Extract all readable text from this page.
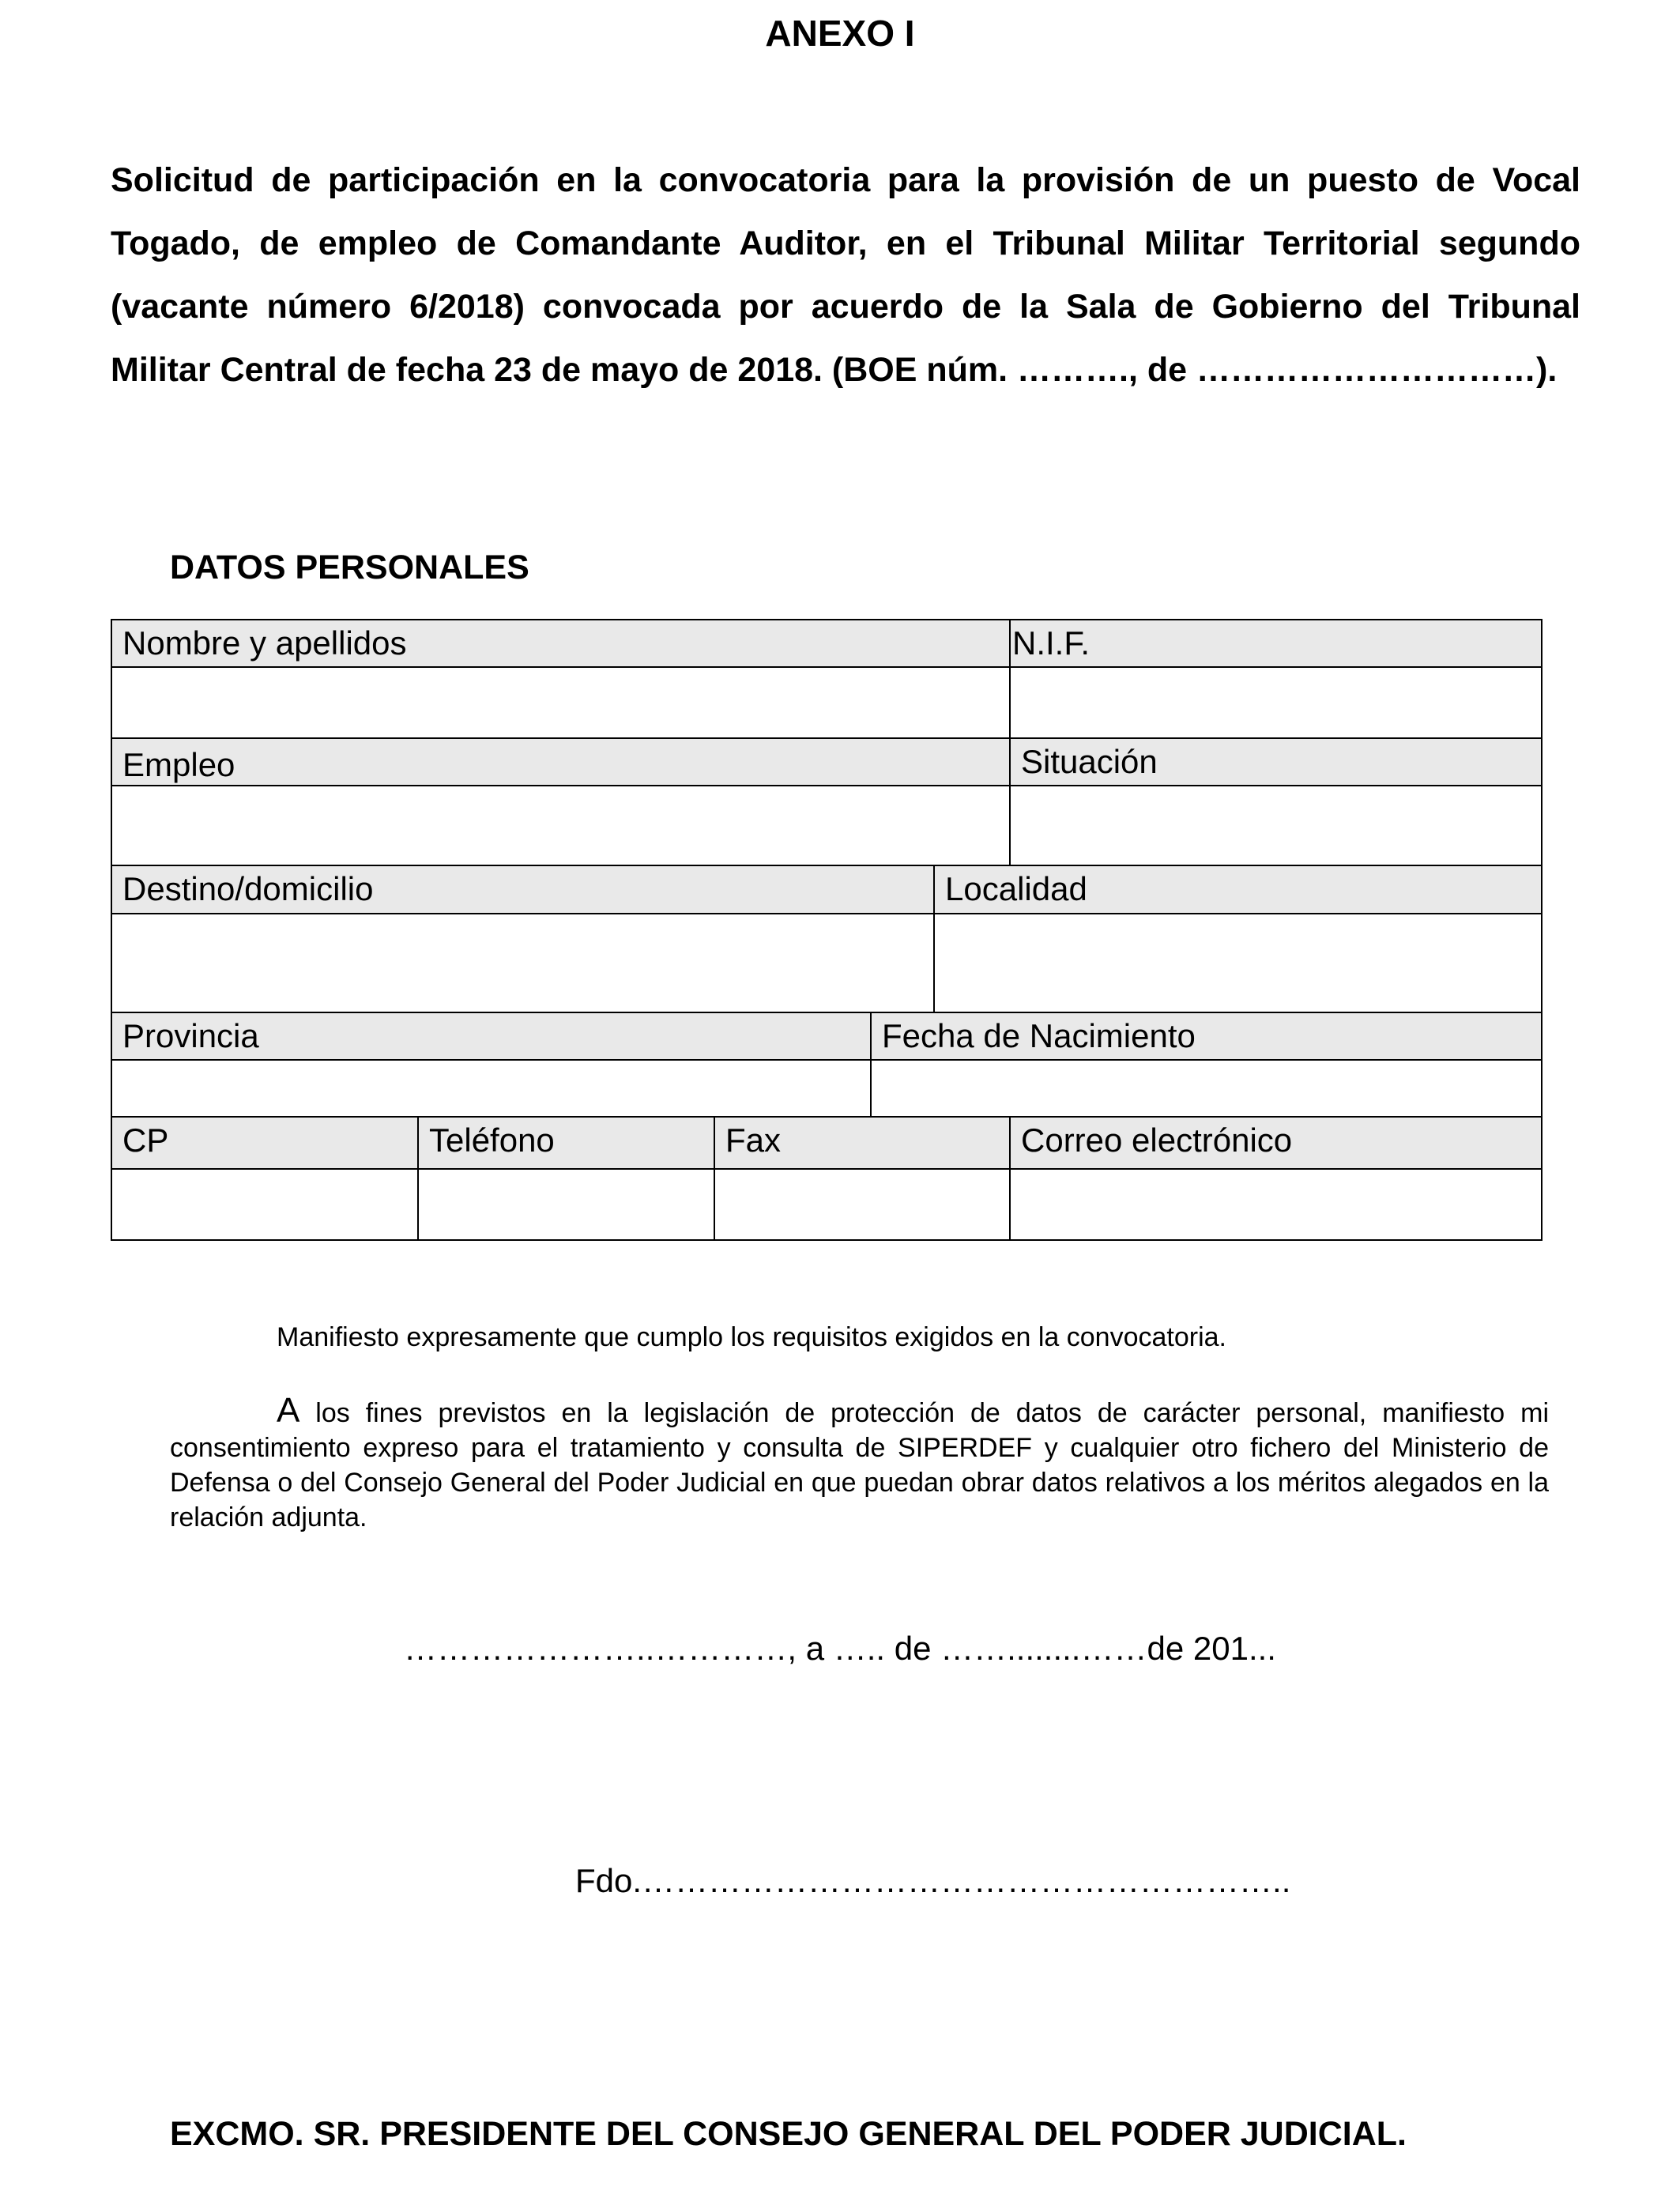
ANEXO I
Solicitud de participación en la convocatoria para la provisión de un puesto de Vocal Togado, de empleo de Comandante Auditor, en el Tribunal Militar Territorial segundo (vacante número 6/2018) convocada por acuerdo de la Sala de Gobierno del Tribunal Militar Central de fecha 23 de mayo de 2018. (BOE núm. ………., de …………………………).
DATOS PERSONALES
Nombre y apellidos	N.I.F.
Empleo	Situación
Destino/domicilio	Localidad
Provincia	Fecha de Nacimiento
CP	Teléfono	Fax	Correo electrónico
Manifiesto expresamente que cumplo los requisitos exigidos en la convocatoria.
A los fines previstos en la legislación de protección de datos de carácter personal, manifiesto mi consentimiento expreso para el tratamiento y consulta de SIPERDEF y cualquier otro fichero del Ministerio de Defensa o del Consejo General del Poder Judicial en que puedan obrar datos relativos a los méritos alegados en la relación adjunta.
…………………..…………, a ….. de ……........……de 201...
Fdo.…………………………………………………..
EXCMO. SR. PRESIDENTE DEL CONSEJO GENERAL DEL PODER JUDICIAL.
